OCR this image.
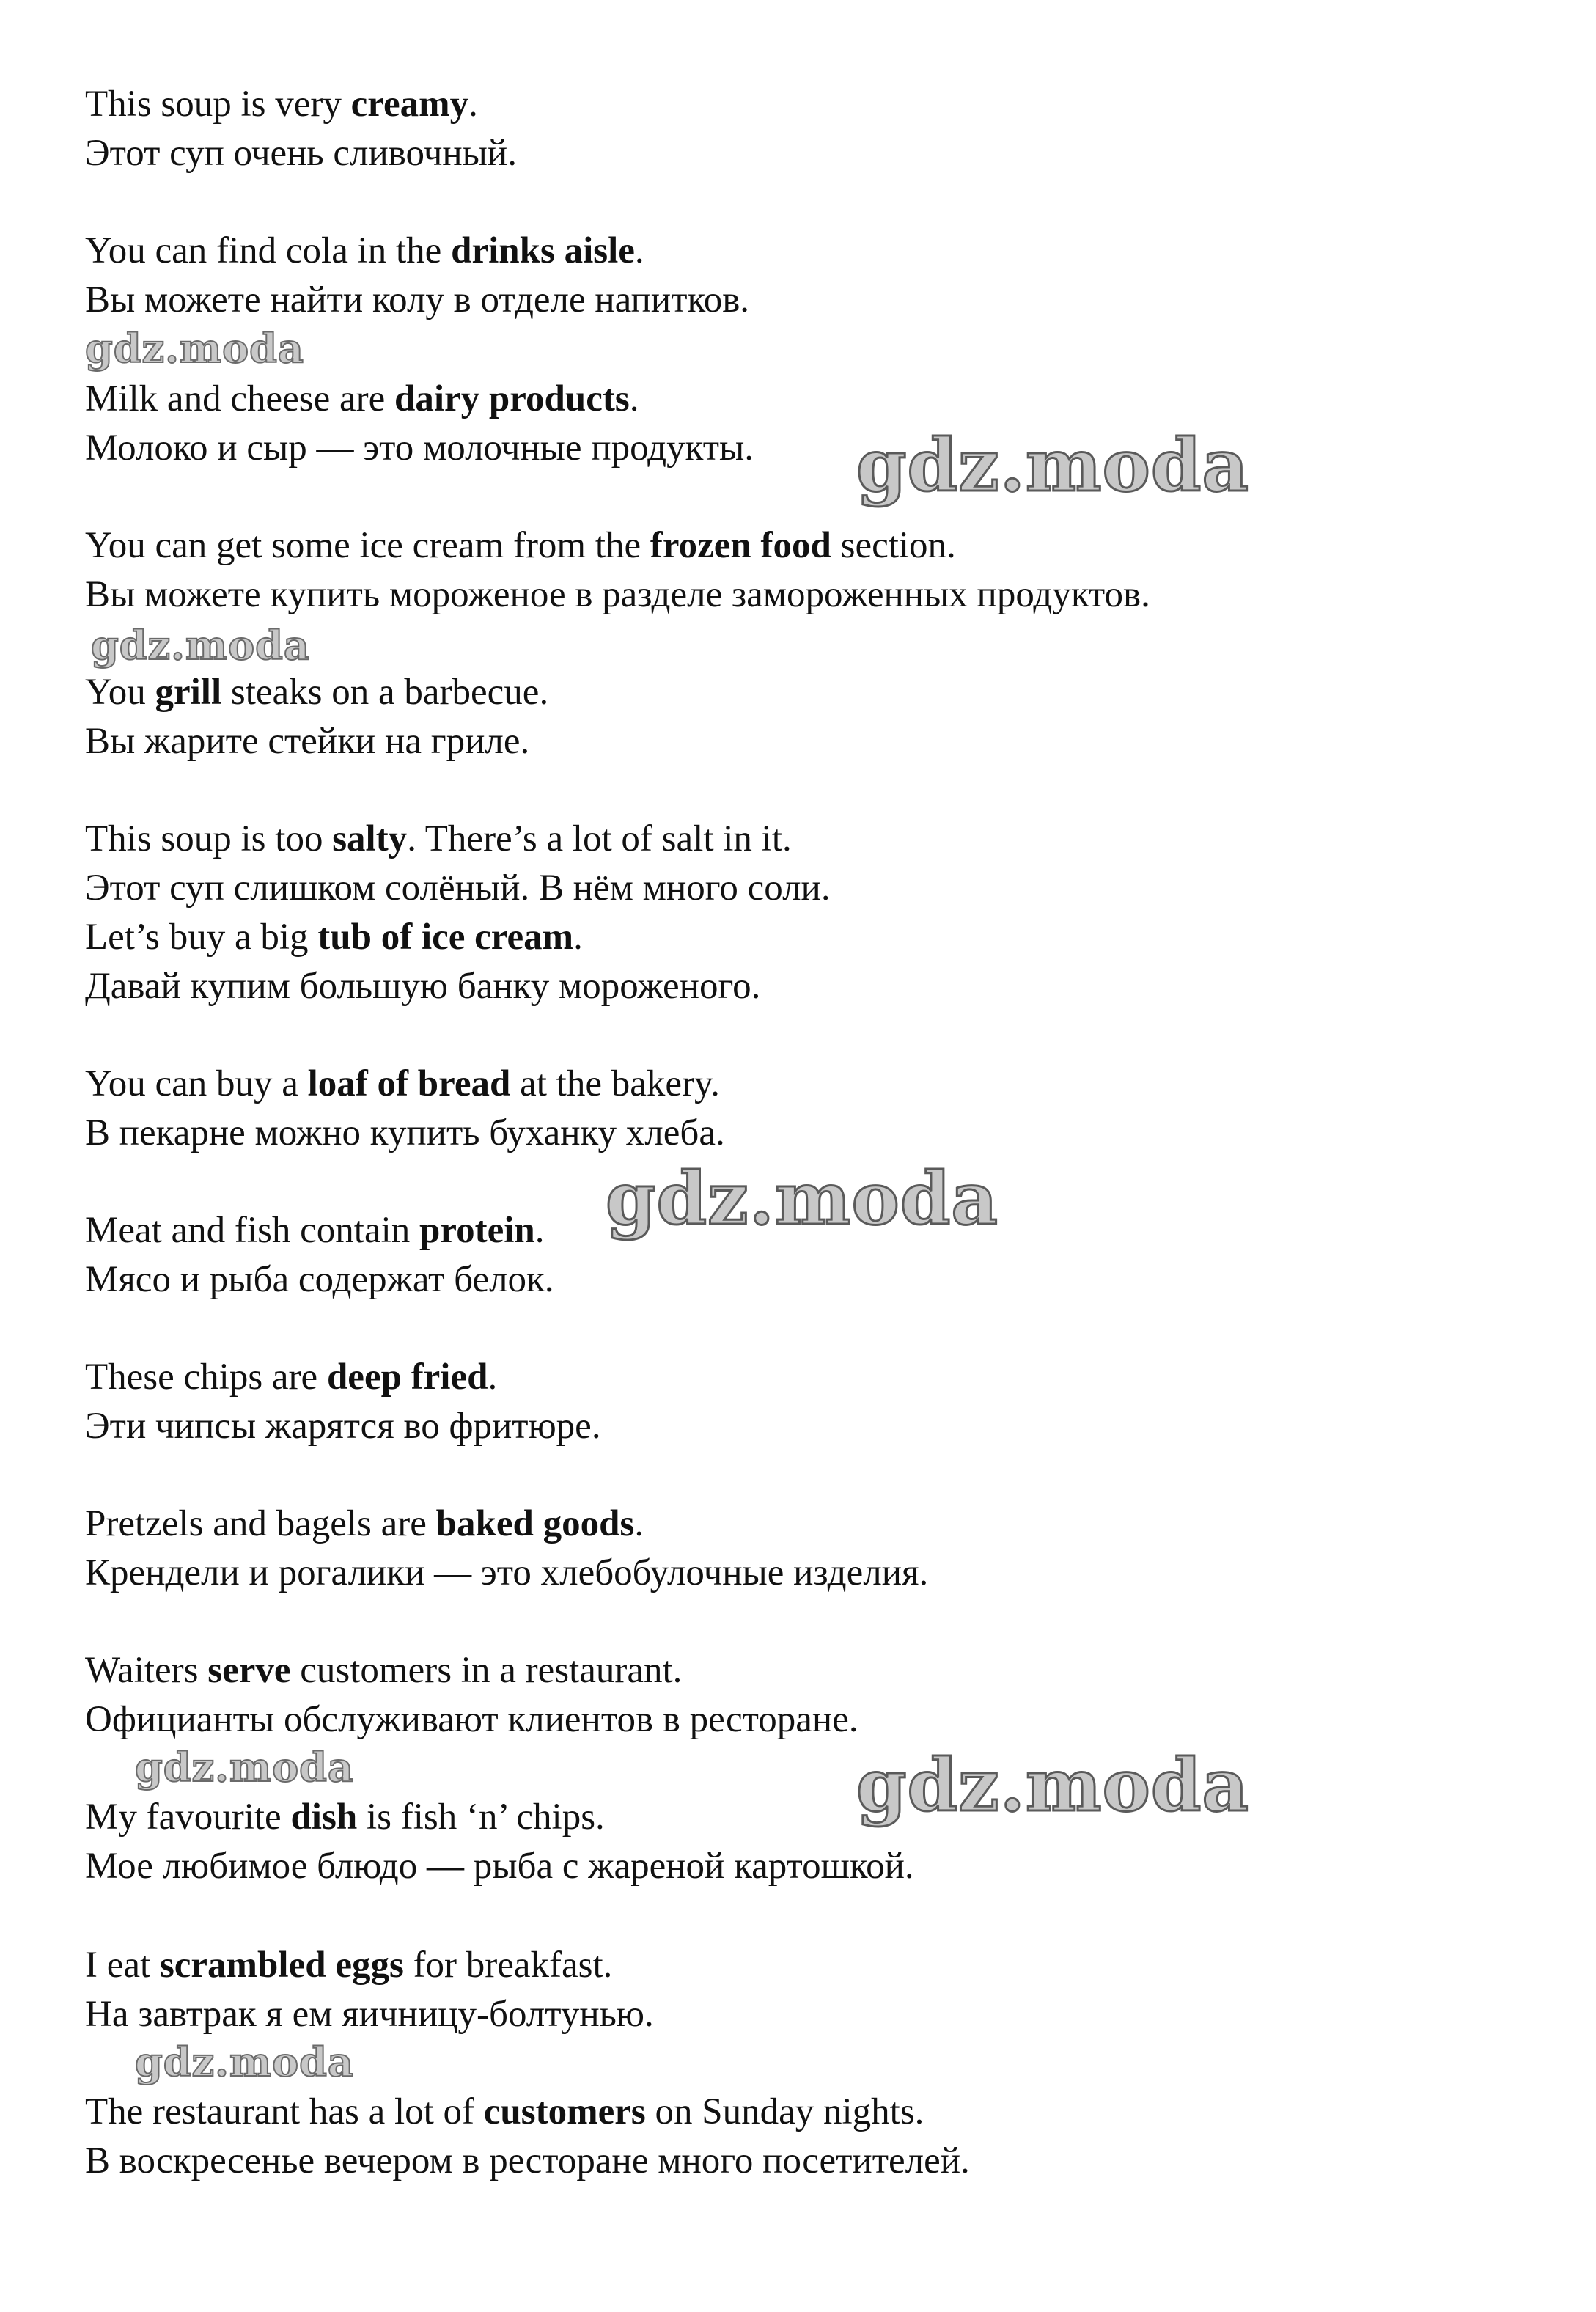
This soup is very creamy.
Этот суп очень сливочный.
You can find cola in the drinks aisle.
Вы можете найти колу в отделе напитков.
Milk and cheese are dairy products.
Молоко и сыр — это молочные продукты.
You can get some ice cream from the frozen food section.
Вы можете купить мороженое в разделе замороженных продуктов.
You grill steaks on a barbecue.
Вы жарите стейки на гриле.
This soup is too salty. There’s a lot of salt in it.
Этот суп слишком солёный. В нём много соли.
Let’s buy a big tub of ice cream.
Давай купим большую банку мороженого.
You can buy a loaf of bread at the bakery.
В пекарне можно купить буханку хлеба.
Meat and fish contain protein.
Мясо и рыба содержат белок.
These chips are deep fried.
Эти чипсы жарятся во фритюре.
Pretzels and bagels are baked goods.
Крендели и рогалики — это хлебобулочные изделия.
Waiters serve customers in a restaurant.
Официанты обслуживают клиентов в ресторане.
My favourite dish is fish ‘n’ chips.
Мое любимое блюдо — рыба с жареной картошкой.
I eat scrambled eggs for breakfast.
На завтрак я ем яичницу-болтунью.
The restaurant has a lot of customers on Sunday nights.
В воскресенье вечером в ресторане много посетителей.
gdz.moda
gdz.moda
gdz.moda
gdz.moda
gdz.moda	gdz.moda
gdz.moda
